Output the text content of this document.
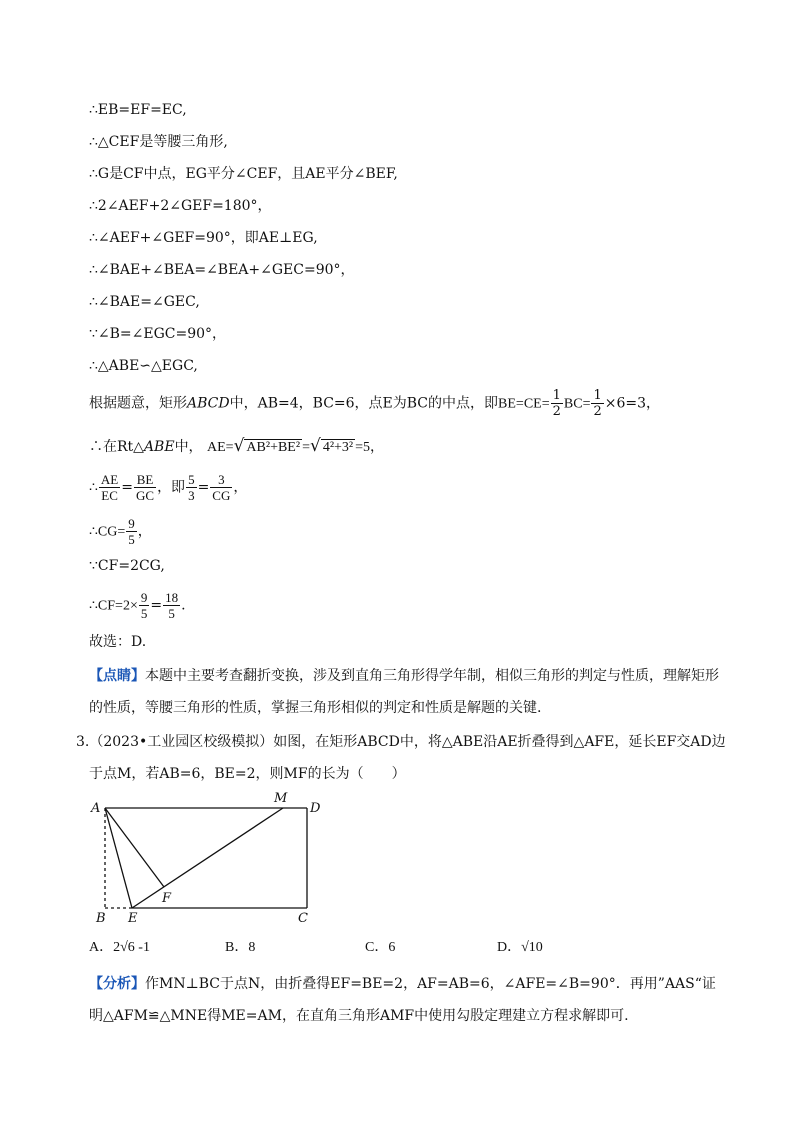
∴EB=EF=EC,
∴△CEF是等腰三角形,
∴G是CF中点，EG平分∠CEF，且AE平分∠BEF,
∴2∠AEF+2∠GEF=180°，
∴∠AEF+∠GEF=90°，即AE⊥EG,
∴∠BAE+∠BEA=∠BEA+∠GEC=90°，
∴∠BAE=∠GEC,
∵∠B=∠EGC=90°，
∴△ABE∽△EGC,
根据题意，矩形ABCD中，AB=4，BC=6，点E为BC的中点，即$BE=CE= \frac{1}{2} BC= \frac{1}{2} \times 6=3$，
∴在Rt△ABE中， AE=√ AB²+BE² =√ 4²+3² =5，
∴ $\frac{AE}{EC} = \frac{BE}{GC}$ ，即 $\frac{5}{3} = \frac{3}{CG}$ ，
∴CG= $\frac{9}{5}$ ，
∵CF=2CG,
∴CF=2× $\frac{9}{5} = \frac{18}{5}$ .
故选：D.
【点睛】本题中主要考查翻折变换，涉及到直角三角形得学年制，相似三角形的判定与性质，理解矩形的性质，等腰三角形的性质，掌握三角形相似的判定和性质是解题的关键.
3.（2023•工业园区校级模拟）如图，在矩形ABCD中，将△ABE沿AE折叠得到△AFE，延长EF交AD边
于点M，若AB=6，BE=2，则MF的长为（　　）
A	D
B E	C
F
M
A．2√6 -1	B．8	C．6	D．√10
【分析】作MN⊥BC于点N，由折叠得EF=BE=2，AF=AB=6，∠AFE=∠B=90°．再用”AAS“证明△AFM≌△MNE得ME=AM，在直角三角形AMF中使用勾股定理建立方程求解即可.
